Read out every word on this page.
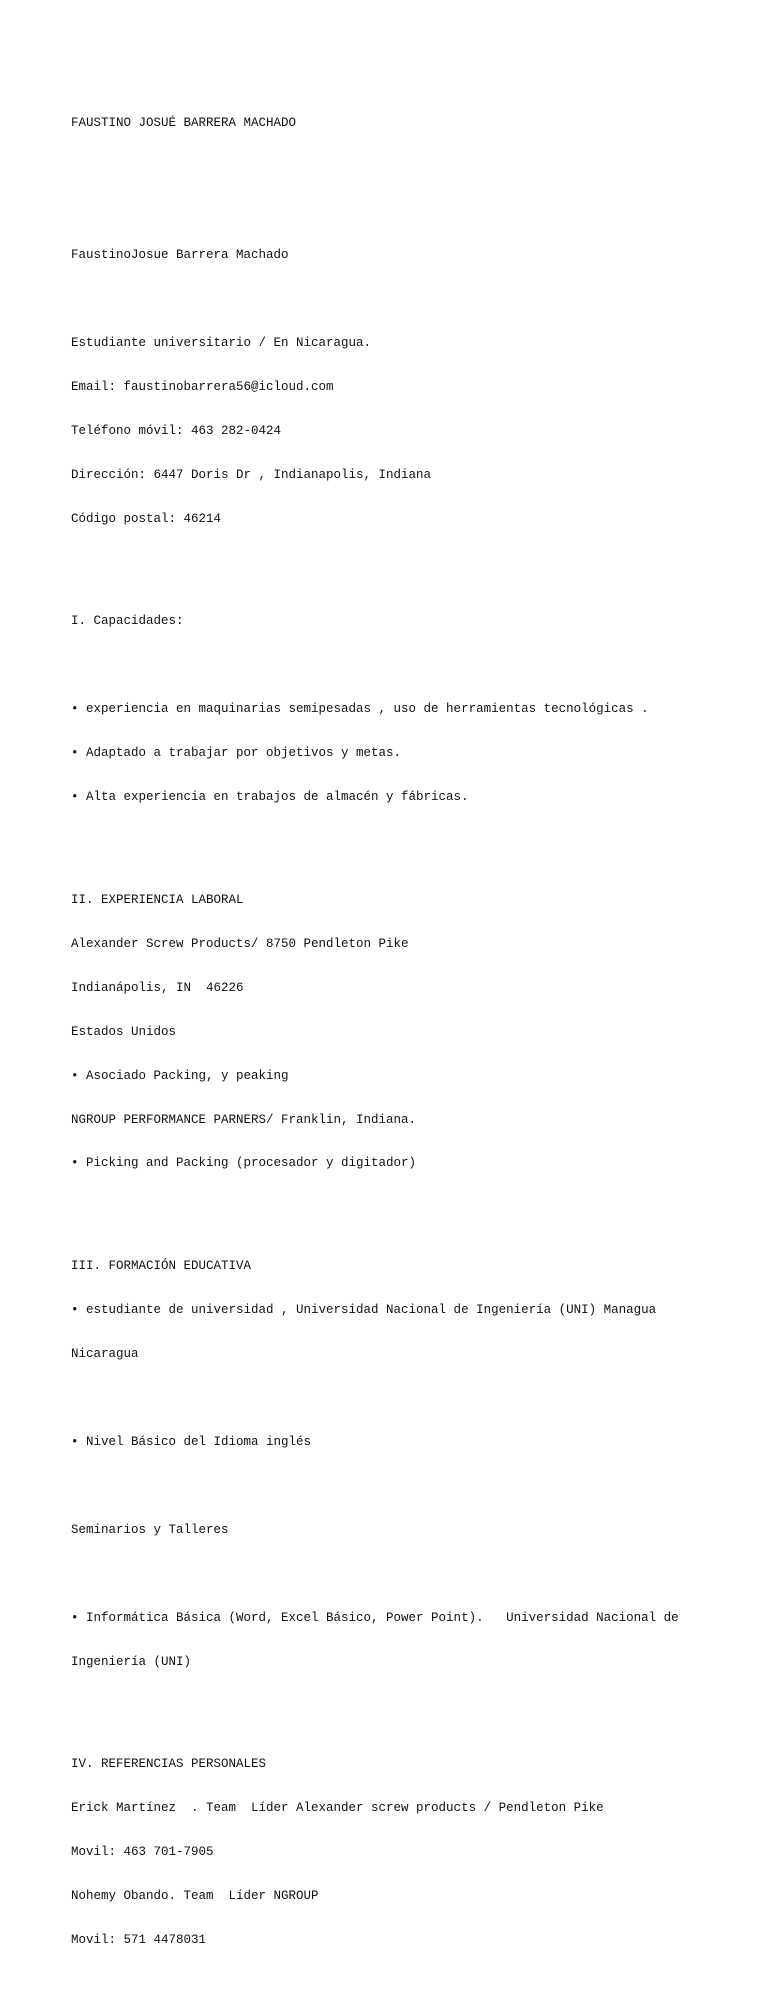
FAUSTINO JOSUÉ BARRERA MACHADO

FaustinoJosue Barrera Machado

Estudiante universitario / En Nicaragua.

Email: faustinobarrera56@icloud.com

Teléfono móvil: 463 282-0424

Dirección: 6447 Doris Dr , Indianapolis, Indiana

Código postal: 46214

I. Capacidades:

• experiencia en maquinarias semipesadas , uso de herramientas tecnológicas .

• Adaptado a trabajar por objetivos y metas.

• Alta experiencia en trabajos de almacén y fábricas.

II. EXPERIENCIA LABORAL

Alexander Screw Products/ 8750 Pendleton Pike

Indianápolis, IN  46226

Estados Unidos

• Asociado Packing, y peaking

NGROUP PERFORMANCE PARNERS/ Franklin, Indiana.

• Picking and Packing (procesador y digitador)

III. FORMACIÓN EDUCATIVA

• estudiante de universidad , Universidad Nacional de Ingeniería (UNI) Managua

Nicaragua

• Nivel Básico del Idioma inglés

Seminarios y Talleres

• Informática Básica (Word, Excel Básico, Power Point).   Universidad Nacional de

Ingeniería (UNI)

IV. REFERENCIAS PERSONALES

Erick Martínez  . Team  Líder Alexander screw products / Pendleton Pike

Movil: 463 701-7905

Nohemy Obando. Team  Líder NGROUP

Movil: 571 4478031
